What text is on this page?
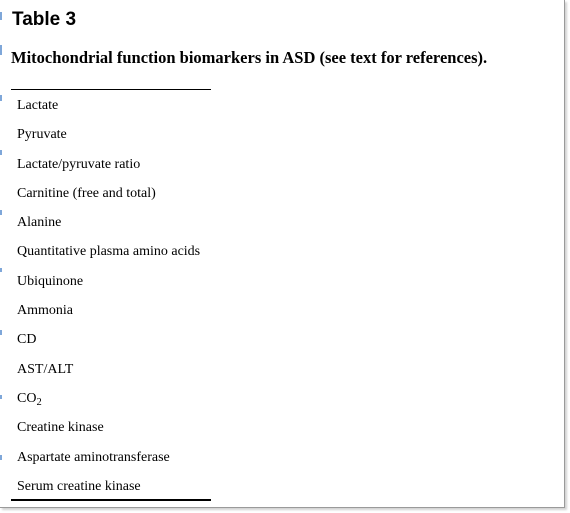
Table 3
Mitochondrial function biomarkers in ASD (see text for references).
Lactate
Pyruvate
Lactate/pyruvate ratio
Carnitine (free and total)
Alanine
Quantitative plasma amino acids
Ubiquinone
Ammonia
CD
AST/ALT
$CO_2$
Creatine kinase
Aspartate aminotransferase
Serum creatine kinase
